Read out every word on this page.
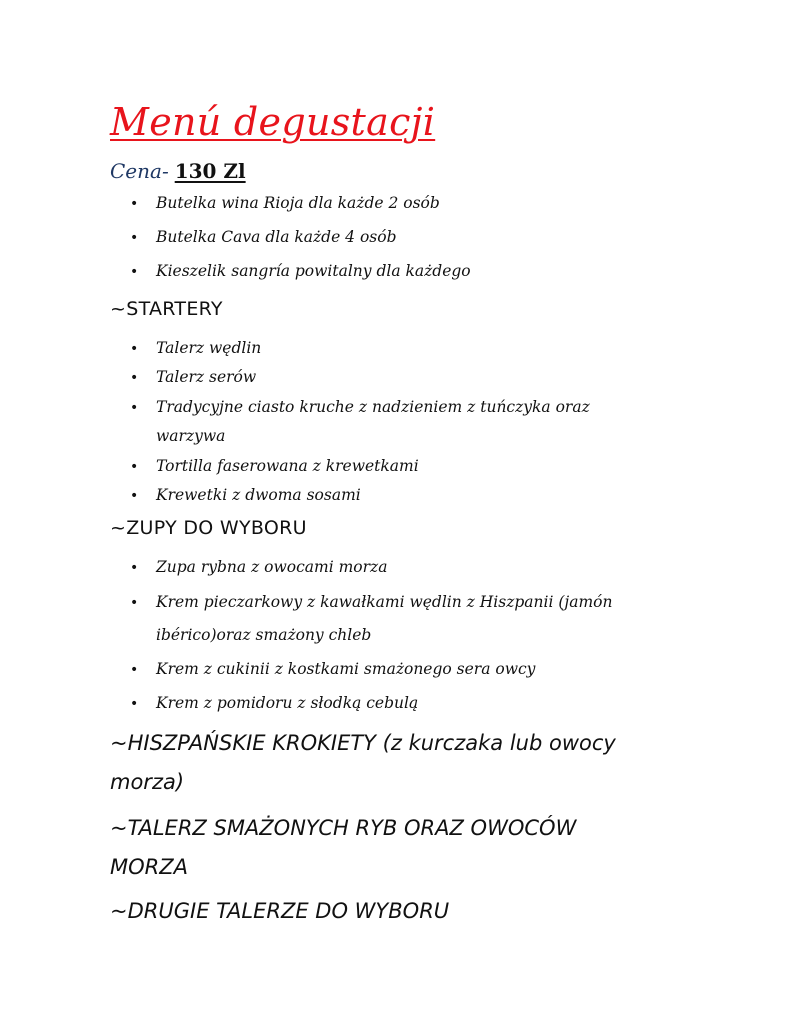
Menú degustacji
Cena- 130 Zl
• Butelka wina Rioja dla każde 2 osób
• Butelka Cava dla każde 4 osób
• Kieszelik sangría powitalny dla każdego
~STARTERY
• Talerz wędlin
• Talerz serów
• Tradycyjne ciasto kruche z nadzieniem z tuńczyka oraz
warzywa
• Tortilla faserowana z krewetkami
• Krewetki z dwoma sosami
~ZUPY DO WYBORU
• Zupa rybna z owocami morza
• Krem pieczarkowy z kawałkami wędlin z Hiszpanii (jamón
ibérico)oraz smażony chleb
• Krem z cukinii z kostkami smażonego sera owcy
• Krem z pomidoru z słodką cebulą
~HISZPAŃSKIE KROKIETY (z kurczaka lub owocy
morza)
~TALERZ SMAŻONYCH RYB ORAZ OWOCÓW
MORZA
~DRUGIE TALERZE DO WYBORU
